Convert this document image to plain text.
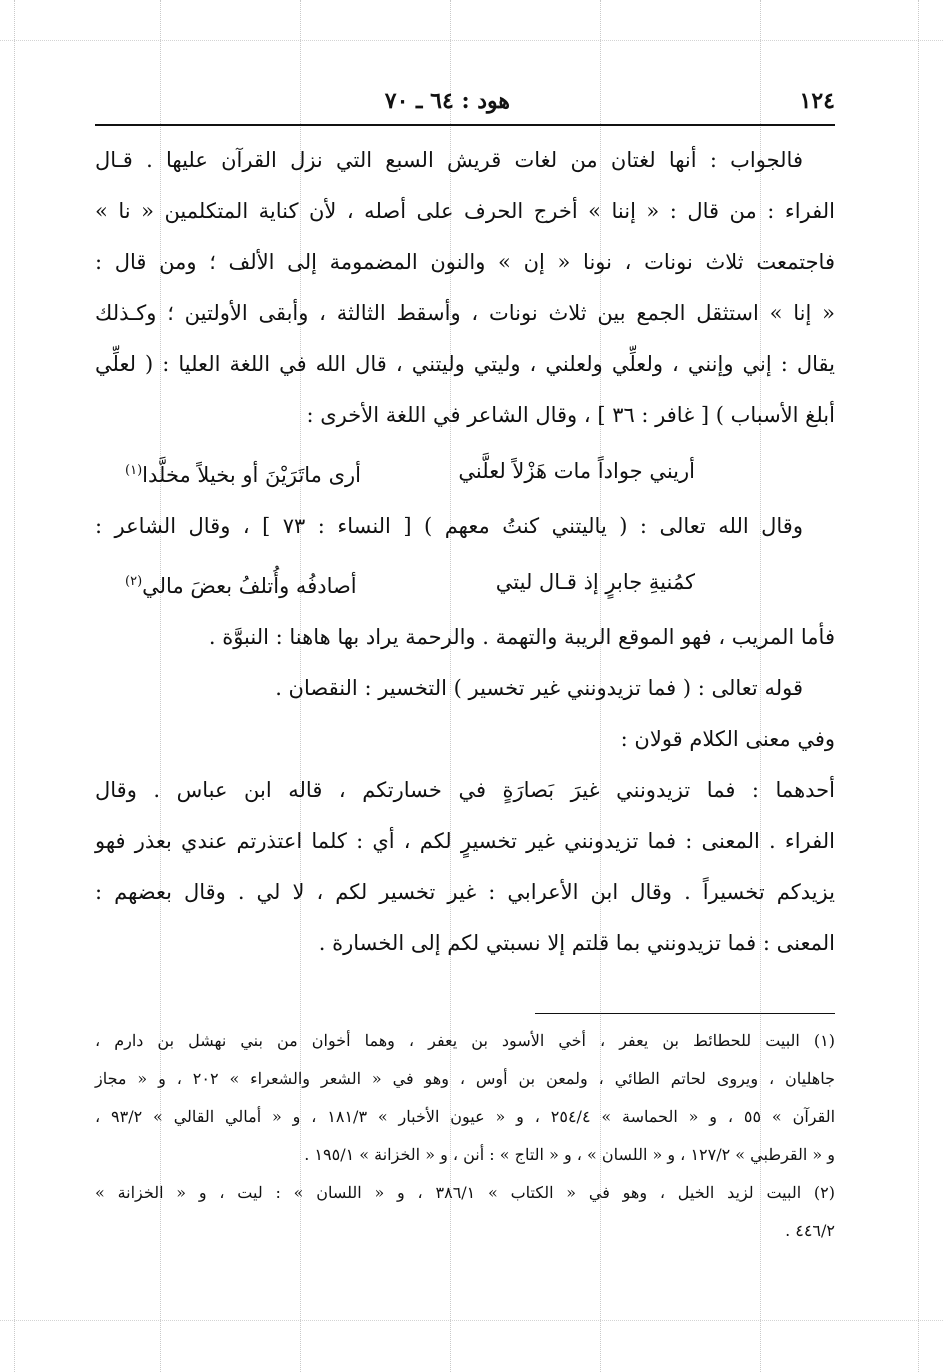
١٢٤
هود : ٦٤ ـ ٧٠
فالجواب : أنها لغتان من لغات قريش السبع التي نزل القرآن عليها . قـال
الفراء : من قال : « إننا » أخرج الحرف على أصله ، لأن كناية المتكلمين « نا »
فاجتمعت ثلاث نونات ، نونا « إن » والنون المضمومة إلى الألف ؛ ومن قال :
« إنا » استثقل الجمع بين ثلاث نونات ، وأسقط الثالثة ، وأبقى الأولتين ؛ وكـذلك
يقال : إني وإنني ، ولعلِّي ولعلني ، وليتي وليتني ، قال الله في اللغة العليا : ( لعلِّي
أبلغ الأسباب ) [ غافر : ٣٦ ] ، وقال الشاعر في اللغة الأخرى :
أريني جواداً مات هَزْلاً لعلَّني
أرى ماتَرَيْنَ أو بخيلاً مخلَّدا$^{(١)}$
وقال الله تعالى : ( ياليتني كنتُ معهم ) [ النساء : ٧٣ ] ، وقال الشاعر :
كمُنيةِ جابرٍ إذ قـال ليتي
أصادفُه وأُتلفُ بعضَ مالي$^{(٢)}$
فأما المريب ، فهو الموقع الريبة والتهمة . والرحمة يراد بها هاهنا : النبوَّة .
قوله تعالى : ( فما تزيدونني غير تخسير ) التخسير : النقصان .
وفي معنى الكلام قولان :
أحدهما : فما تزيدونني غيرَ بَصارَةٍ في خسارتكم ، قاله ابن عباس . وقال
الفراء . المعنى : فما تزيدونني غير تخسيرٍ لكم ، أي : كلما اعتذرتم عندي بعذر فهو
يزيدكم تخسيراً . وقال ابن الأعرابي : غير تخسير لكم ، لا لي . وقال بعضهم :
المعنى : فما تزيدونني بما قلتم إلا نسبتي لكم إلى الخسارة .
(١) البيت للحطائط بن يعفر ، أخي الأسود بن يعفر ، وهما أخوان من بني نهشل بن دارم ،
جاهليان ، ويروى لحاتم الطائي ، ولمعن بن أوس ، وهو في « الشعر والشعراء » ٢٠٢ ، و « مجاز
القرآن » ٥٥ ، و « الحماسة » ٢٥٤/٤ ، و « عيون الأخبار » ١٨١/٣ ، و « أمالي القالي » ٩٣/٢ ،
و « القرطبي » ١٢٧/٢ ، و « اللسان » ، و « التاج » : أنن ، و « الخزانة » ١٩٥/١ .
(٢) البيت لزيد الخيل ، وهو في « الكتاب » ٣٨٦/١ ، و « اللسان » : ليت ، و « الخزانة »
٤٤٦/٢ .
